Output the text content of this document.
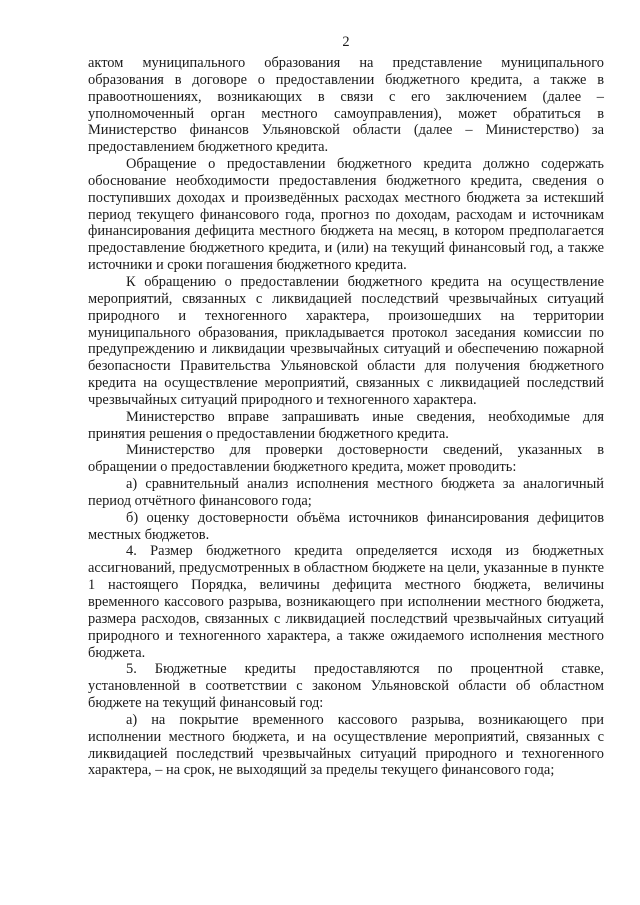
2

актом муниципального образования на представление муниципального образования в договоре о предоставлении бюджетного кредита, а также в правоотношениях, возникающих в связи с его заключением (далее – уполномоченный орган местного самоуправления), может обратиться в Министерство финансов Ульяновской области (далее – Министерство) за предоставлением бюджетного кредита.

Обращение о предоставлении бюджетного кредита должно содержать обоснование необходимости предоставления бюджетного кредита, сведения о поступивших доходах и произведённых расходах местного бюджета за истекший период текущего финансового года, прогноз по доходам, расходам и источникам финансирования дефицита местного бюджета на месяц, в котором предполагается предоставление бюджетного кредита, и (или) на текущий финансовый год, а также источники и сроки погашения бюджетного кредита.

К обращению о предоставлении бюджетного кредита на осуществление мероприятий, связанных с ликвидацией последствий чрезвычайных ситуаций природного и техногенного характера, произошедших на территории муниципального образования, прикладывается протокол заседания комиссии по предупреждению и ликвидации чрезвычайных ситуаций и обеспечению пожарной безопасности Правительства Ульяновской области для получения бюджетного кредита на осуществление мероприятий, связанных с ликвидацией последствий чрезвычайных ситуаций природного и техногенного характера.

Министерство вправе запрашивать иные сведения, необходимые для принятия решения о предоставлении бюджетного кредита.

Министерство для проверки достоверности сведений, указанных в обращении о предоставлении бюджетного кредита, может проводить:

а) сравнительный анализ исполнения местного бюджета за аналогичный период отчётного финансового года;

б) оценку достоверности объёма источников финансирования дефицитов местных бюджетов.

4. Размер бюджетного кредита определяется исходя из бюджетных ассигнований, предусмотренных в областном бюджете на цели, указанные в пункте 1 настоящего Порядка, величины дефицита местного бюджета, величины временного кассового разрыва, возникающего при исполнении местного бюджета, размера расходов, связанных с ликвидацией последствий чрезвычайных ситуаций природного и техногенного характера, а также ожидаемого исполнения местного бюджета.

5. Бюджетные кредиты предоставляются по процентной ставке, установленной в соответствии с законом Ульяновской области об областном бюджете на текущий финансовый год:

а) на покрытие временного кассового разрыва, возникающего при исполнении местного бюджета, и на осуществление мероприятий, связанных с ликвидацией последствий чрезвычайных ситуаций природного и техногенного характера, – на срок, не выходящий за пределы текущего финансового года;
